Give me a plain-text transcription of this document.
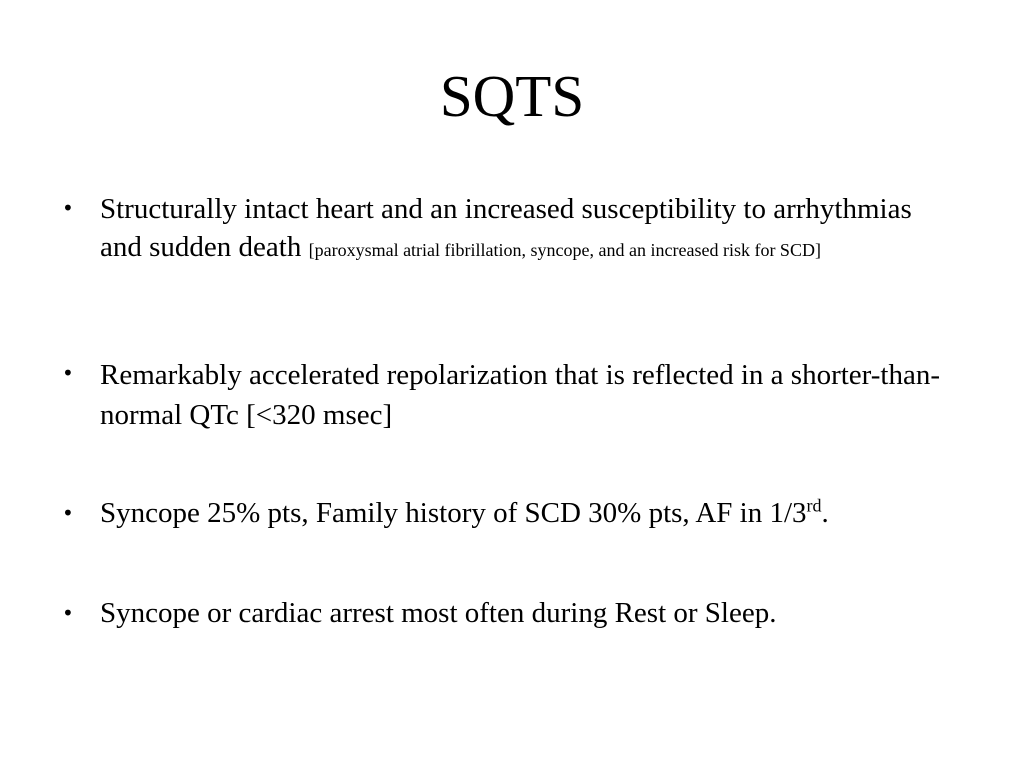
SQTS
• Structurally intact heart and an increased susceptibility to arrhythmias and sudden death [paroxysmal atrial fibrillation, syncope, and an increased risk for SCD]
• Remarkably accelerated repolarization that is reflected in a shorter-than-normal QTc [<320 msec]
• Syncope 25% pts, Family history of SCD 30% pts, AF in 1/3rd.
• Syncope or cardiac arrest most often during Rest or Sleep.
